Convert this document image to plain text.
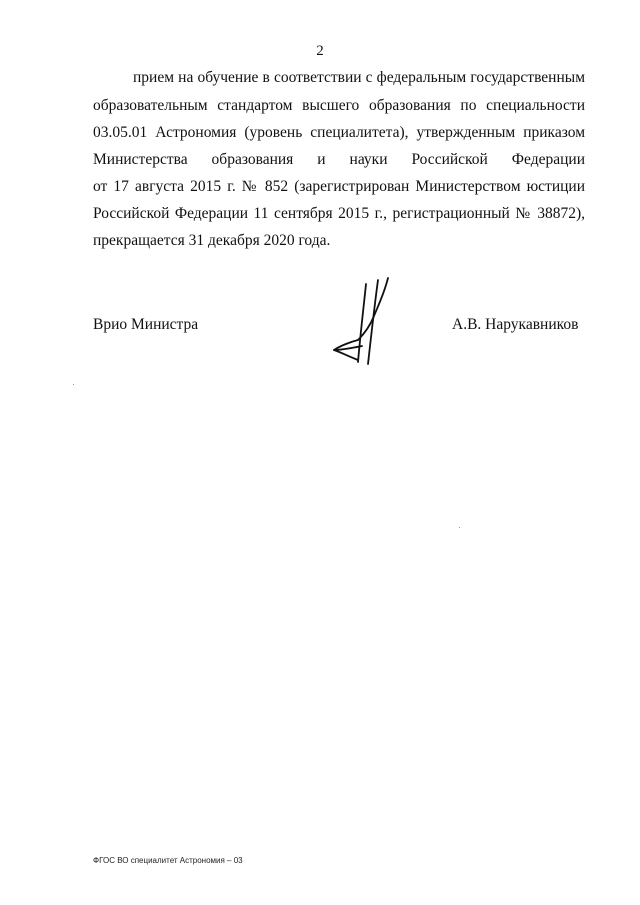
2
прием на обучение в соответствии с федеральным государственным
образовательным стандартом высшего образования по специальности
03.05.01 Астрономия (уровень специалитета), утвержденным приказом
Министерства образования и науки Российской Федерации
от 17 августа 2015 г. № 852 (зарегистрирован Министерством юстиции
Российской Федерации 11 сентября 2015 г., регистрационный № 38872),
прекращается 31 декабря 2020 года.
Врио Министра	А.В. Нарукавников
ФГОС ВО специалитет Астрономия – 03
